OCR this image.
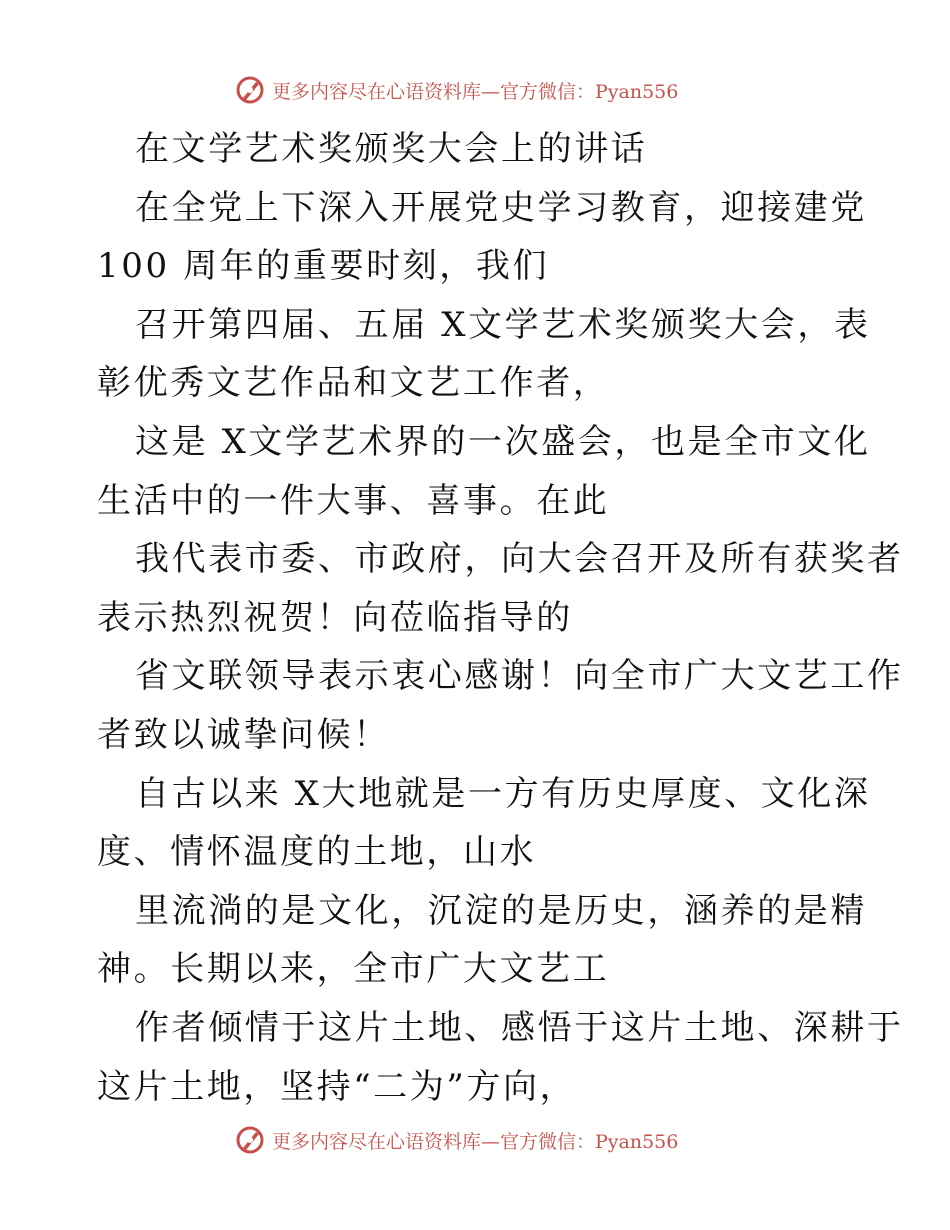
更多内容尽在心语资料库—官方微信：Pyan556
在文学艺术奖颁奖大会上的讲话
在全党上下深入开展党史学习教育，迎接建党
100 周年的重要时刻，我们
召开第四届、五届 X文学艺术奖颁奖大会，表
彰优秀文艺作品和文艺工作者，
这是 X文学艺术界的一次盛会，也是全市文化
生活中的一件大事、喜事。在此
我代表市委、市政府，向大会召开及所有获奖者
表示热烈祝贺！向莅临指导的
省文联领导表示衷心感谢！向全市广大文艺工作
者致以诚挚问候！
自古以来 X大地就是一方有历史厚度、文化深
度、情怀温度的土地，山水
里流淌的是文化，沉淀的是历史，涵养的是精
神。长期以来，全市广大文艺工
作者倾情于这片土地、感悟于这片土地、深耕于
这片土地，坚持“二为”方向，
更多内容尽在心语资料库—官方微信：Pyan556
